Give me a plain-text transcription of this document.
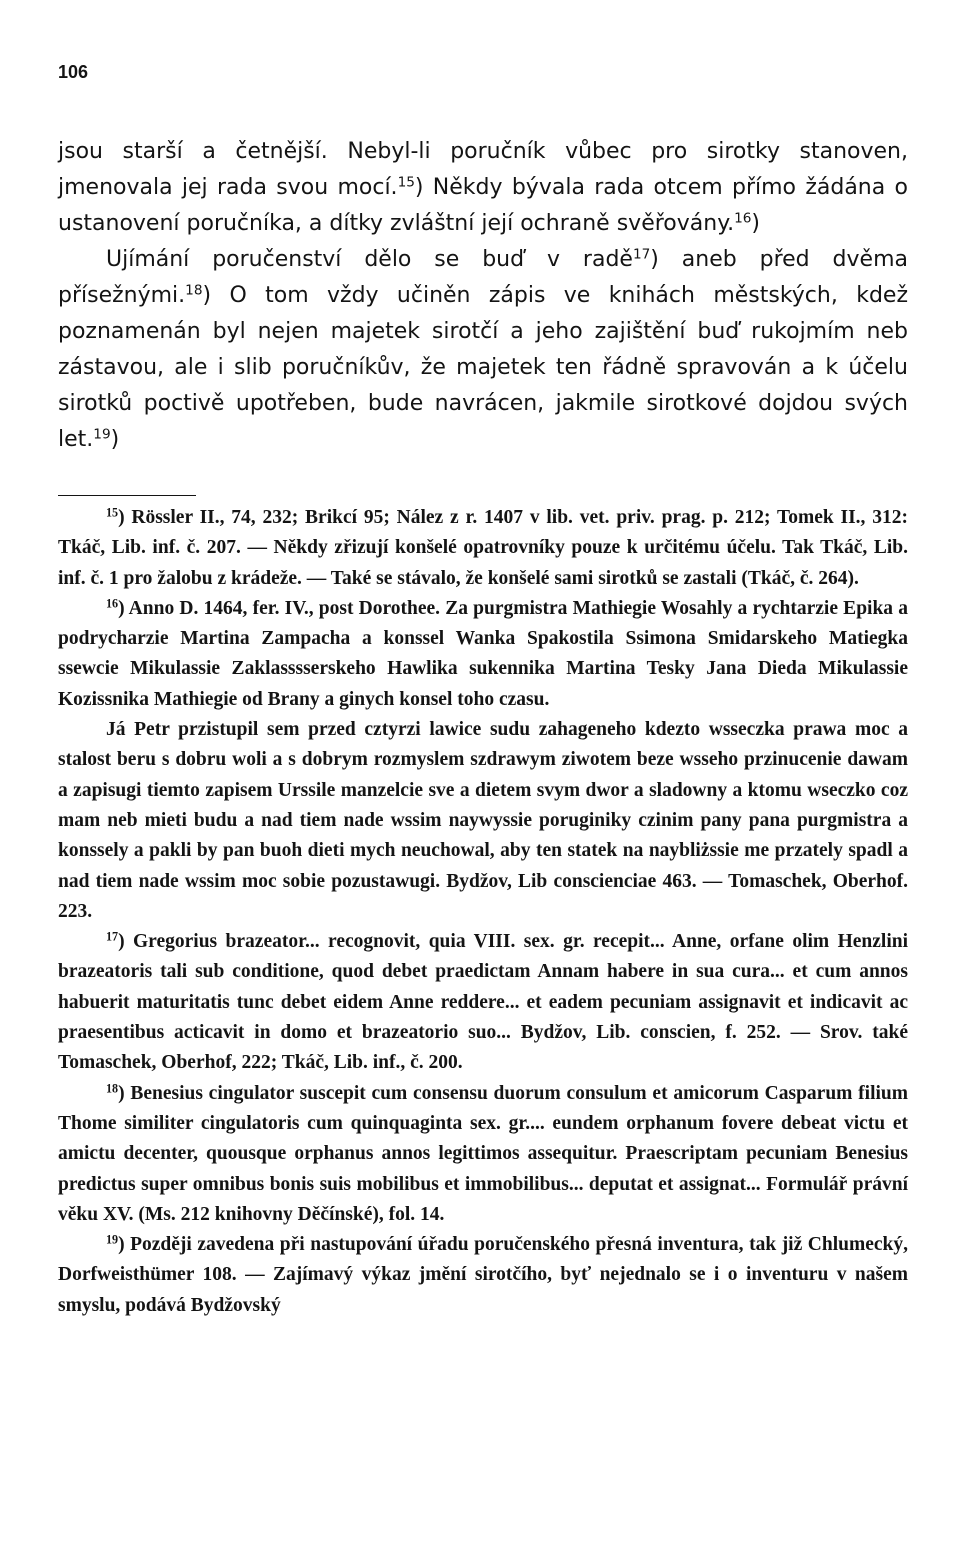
106

jsou starší a četnější. Nebyl-li poručník vůbec pro sirotky stanoven, jmenovala jej rada svou mocí.$^{15}$) Někdy bývala rada otcem přímo žádána o ustanovení poručníka, a dítky zvláštní její ochraně svěřovány.$^{16}$)

Ujímání poručenství dělo se buď v radě$^{17}$) aneb před dvěma přísežnými.$^{18}$) O tom vždy učiněn zápis ve knihách městských, kdež poznamenán byl nejen majetek sirotčí a jeho zajištění buď rukojmím neb zástavou, ale i slib poručníkův, že majetek ten řádně spravován a k účelu sirotků poctivě upotřeben, bude navrácen, jakmile sirotkové dojdou svých let.$^{19}$)

$^{15}$) Rössler II., 74, 232; Brikcí 95; Nález z r. 1407 v lib. vet. priv. prag. p. 212; Tomek II., 312: Tkáč, Lib. inf. č. 207. — Někdy zřizují konšelé opatrovníky pouze k určitému účelu. Tak Tkáč, Lib. inf. č. 1 pro žalobu z krádeže. — Také se stávalo, že konšelé sami sirotků se zastali (Tkáč, č. 264).

$^{16}$) Anno D. 1464, fer. IV., post Dorothee. Za purgmistra Mathiegie Wosahly a rychtarzie Epika a podrycharzie Martina Zampacha a konssel Wanka Spakostila Ssimona Smidarskeho Matiegka ssewcie Mikulassie Zaklasssserskeho Hawlika sukennika Martina Tesky Jana Dieda Mikulassie Kozissnika Mathiegie od Brany a ginych konsel toho czasu.

Já Petr przistupil sem przed cztyrzi lawice sudu zahageneho kdezto wsseczka prawa moc a stalost beru s dobru woli a s dobrym rozmyslem szdrawym ziwotem beze wsseho przinucenie dawam a zapisugi tiemto zapisem Urssile manzelcie sve a dietem svym dwor a sladowny a ktomu wseczko coz mam neb mieti budu a nad tiem nade wssim naywyssie poruginiky czinim pany pana purgmistra a konssely a pakli by pan buoh dieti mych neuchowal, aby ten statek na naybliżssie me przately spadl a nad tiem nade wssim moc sobie pozustawugi. Bydžov, Lib conscienciae 463. — Tomaschek, Oberhof. 223.

$^{17}$) Gregorius brazeator... recognovit, quia VIII. sex. gr. recepit... Anne, orfane olim Henzlini brazeatoris tali sub conditione, quod debet praedictam Annam habere in sua cura... et cum annos habuerit maturitatis tunc debet eidem Anne reddere... et eadem pecuniam assignavit et indicavit ac praesentibus acticavit in domo et brazeatorio suo... Bydžov, Lib. conscien, f. 252. — Srov. také Tomaschek, Oberhof, 222; Tkáč, Lib. inf., č. 200.

$^{18}$) Benesius cingulator suscepit cum consensu duorum consulum et amicorum Casparum filium Thome similiter cingulatoris cum quinquaginta sex. gr.... eundem orphanum fovere debeat victu et amictu decenter, quousque orphanus annos legittimos assequitur. Praescriptam pecuniam Benesius predictus super omnibus bonis suis mobilibus et immobilibus... deputat et assignat... Formulář právní věku XV. (Ms. 212 knihovny Děčínské), fol. 14.

$^{19}$) Později zavedena při nastupování úřadu poručenského přesná inventura, tak již Chlumecký, Dorfweisthümer 108. — Zajímavý výkaz jmění sirotčího, byť nejednalo se i o inventuru v našem smyslu, podává Bydžovský
